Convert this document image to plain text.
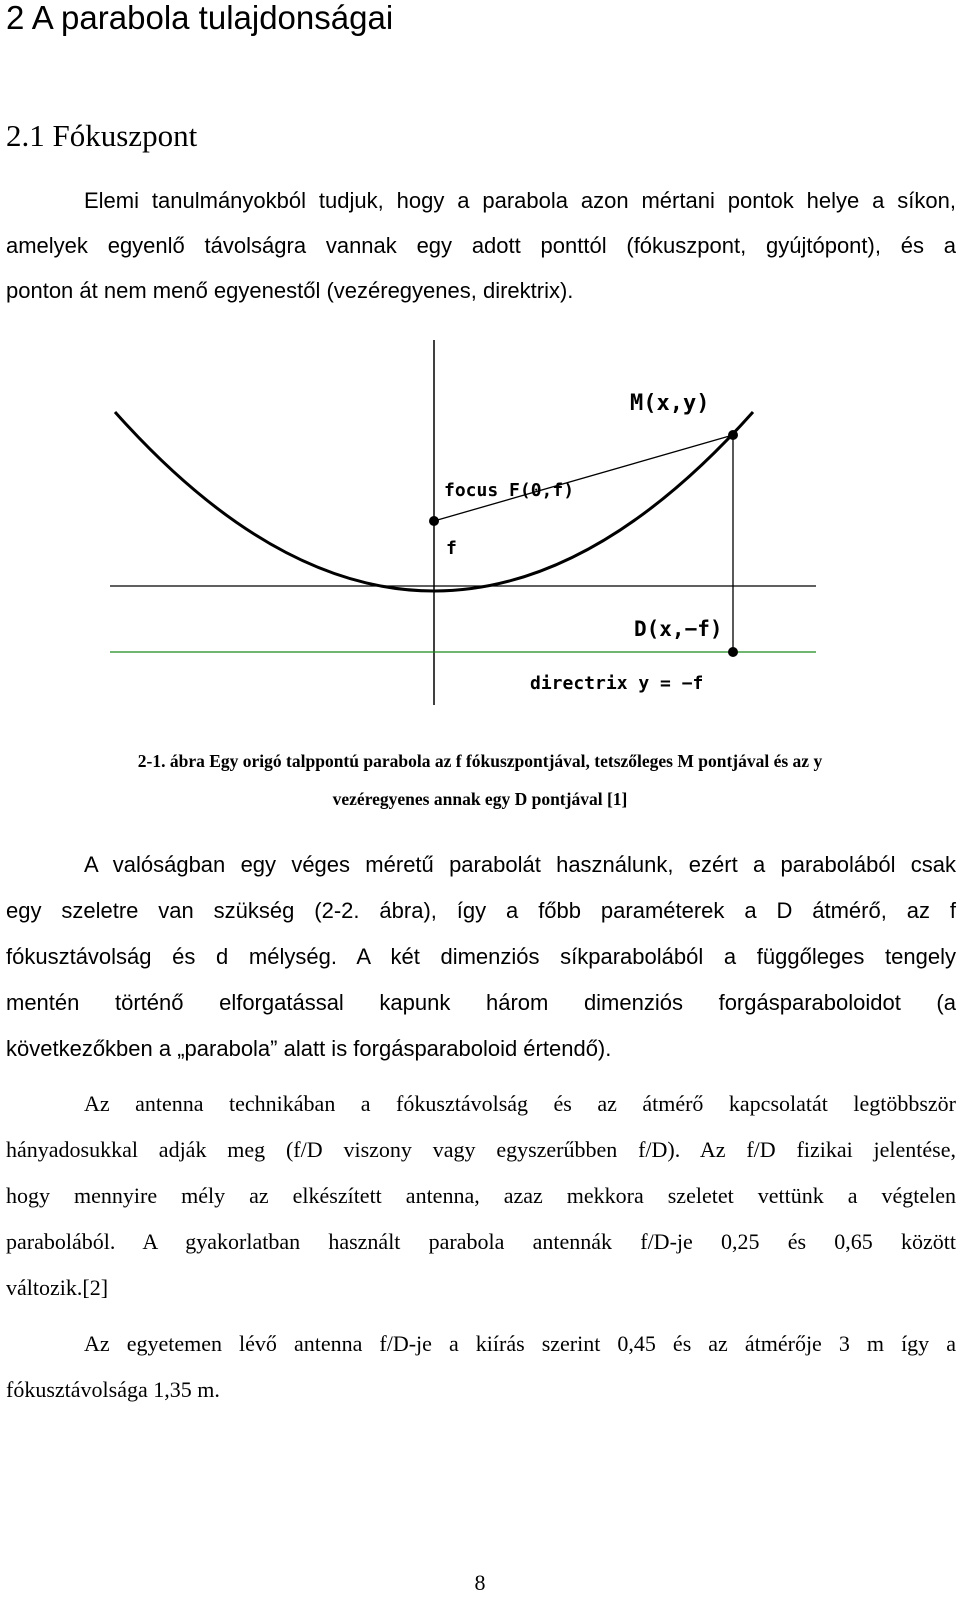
2 A parabola tulajdonságai
2.1 Fókuszpont

Elemi tanulmányokból tudjuk, hogy a parabola azon mértani pontok helye a síkon,
amelyek egyenlő távolságra vannak egy adott ponttól (fókuszpont, gyújtópont), és a
ponton át nem menő egyenestől (vezéregyenes, direktrix).

M(x,y)
focus F(0,f)
f
D(x,−f)
directrix y = −f

2-1. ábra Egy origó talppontú parabola az f fókuszpontjával, tetszőleges M pontjával és az y

vezéregyenes annak egy D pontjával [1]

A valóságban egy véges méretű parabolát használunk, ezért a parabolából csak
egy szeletre van szükség (2-2. ábra), így a főbb paraméterek a D átmérő, az f
fókusztávolság és d mélység. A két dimenziós síkparabolából a függőleges tengely
mentén történő elforgatással kapunk három dimenziós forgásparaboloidot (a
következőkben a „parabola” alatt is forgásparaboloid értendő).

Az antenna technikában a fókusztávolság és az átmérő kapcsolatát legtöbbször
hányadosukkal adják meg (f/D viszony vagy egyszerűbben f/D). Az f/D fizikai jelentése,
hogy mennyire mély az elkészített antenna, azaz mekkora szeletet vettünk a végtelen
parabolából. A gyakorlatban használt parabola antennák f/D-je 0,25 és 0,65 között
változik.[2]

Az egyetemen lévő antenna f/D-je a kiírás szerint 0,45 és az átmérője 3 m így a
fókusztávolsága 1,35 m.

8
